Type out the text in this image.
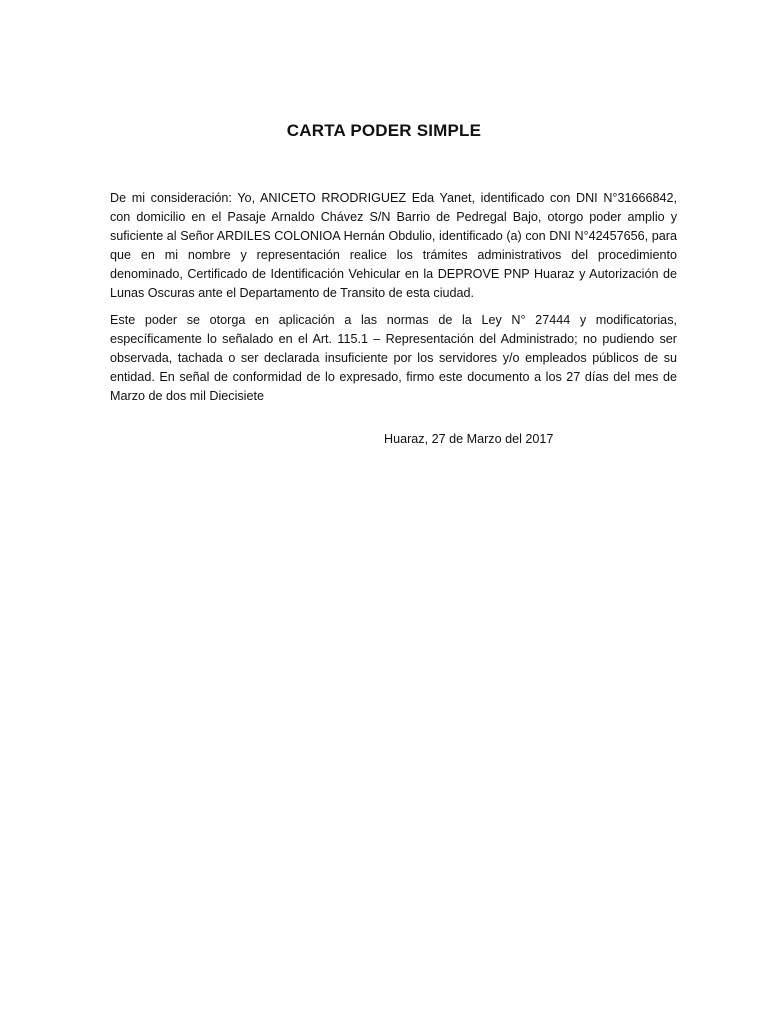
CARTA PODER SIMPLE

De mi consideración: Yo, ANICETO RRODRIGUEZ Eda Yanet, identificado con DNI N°31666842, con domicilio en el Pasaje Arnaldo Chávez S/N Barrio de Pedregal Bajo, otorgo poder amplio y suficiente al Señor ARDILES COLONIOA Hernán Obdulio, identificado (a) con DNI N°42457656, para que en mi nombre y representación realice los trámites administrativos del procedimiento denominado, Certificado de Identificación Vehicular en la DEPROVE PNP Huaraz y Autorización de Lunas Oscuras ante el Departamento de Transito de esta ciudad.

Este poder se otorga en aplicación a las normas de la Ley N° 27444 y modificatorias, específicamente lo señalado en el Art. 115.1 – Representación del Administrado; no pudiendo ser observada, tachada o ser declarada insuficiente por los servidores y/o empleados públicos de su entidad. En señal de conformidad de lo expresado, firmo este documento a los 27 días del mes de Marzo de dos mil Diecisiete

Huaraz, 27 de Marzo del 2017
